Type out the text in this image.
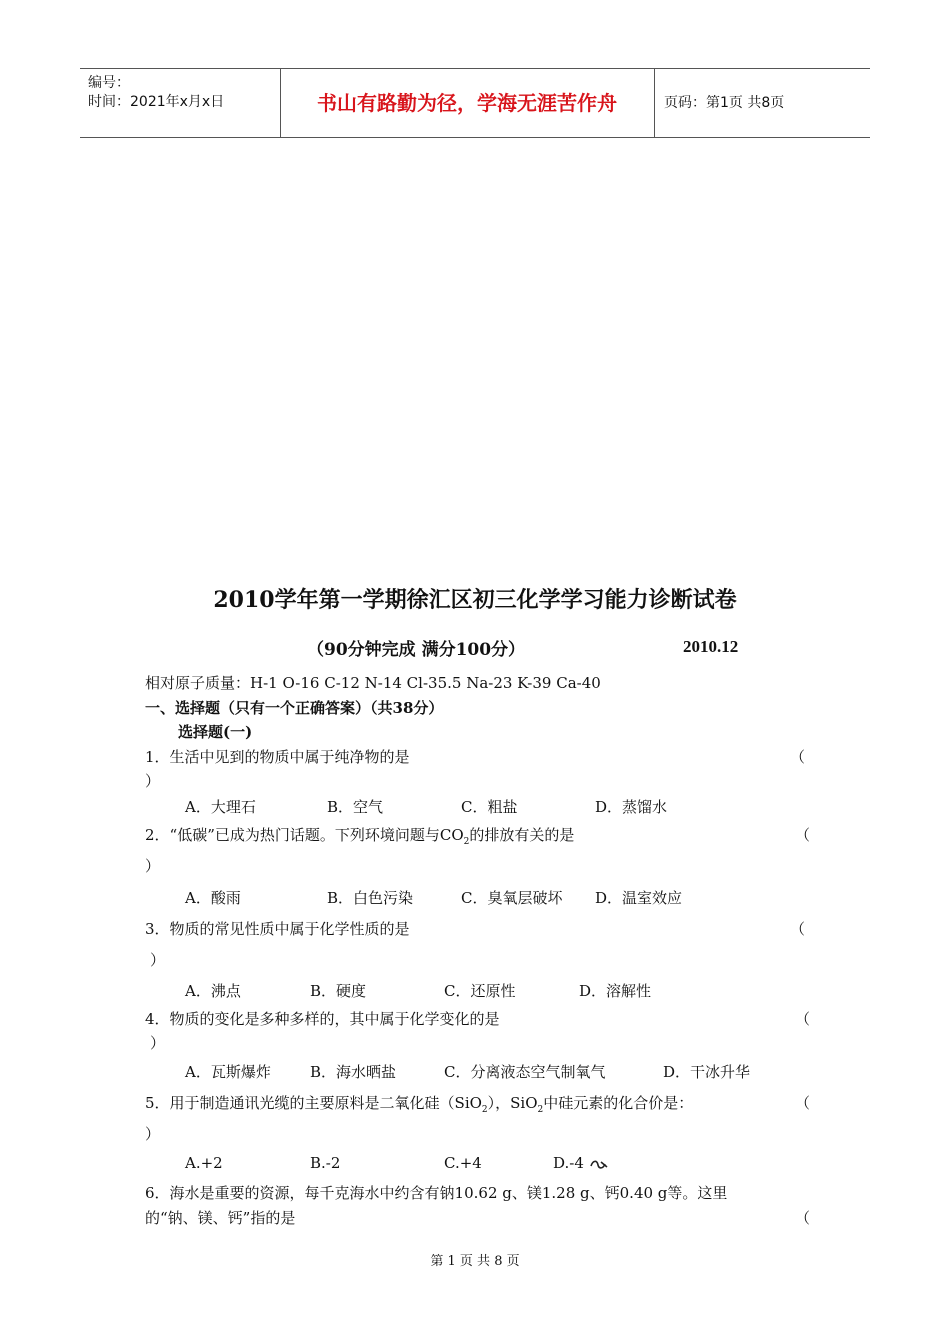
编号：
时间：2021年x月x日	书山有路勤为径，学海无涯苦作舟	页码：第1页 共8页
2010学年第一学期徐汇区初三化学学习能力诊断试卷
（90分钟完成 满分100分）	2010.12
相对原子质量：H-1 O-16 C-12 N-14 Cl-35.5 Na-23 K-39 Ca-40
一、选择题（只有一个正确答案）（共38分）
选择题(一)
1．生活中见到的物质中属于纯净物的是	（
）
A．大理石	B．空气	C．粗盐	D．蒸馏水
2．“低碳”已成为热门话题。下列环境问题与$CO_2$的排放有关的是	（
）
A．酸雨	B．白色污染	C．臭氧层破坏 D．温室效应
3．物质的常见性质中属于化学性质的是	（
）
A．沸点	B．硬度	C．还原性	D．溶解性
4．物质的变化是多种多样的，其中属于化学变化的是	（
）
A．瓦斯爆炸	B．海水晒盐	C．分离液态空气制氧气	D．干冰升华
5．用于制造通讯光缆的主要原料是二氧化硅（SiO$_2$），SiO$_2$中硅元素的化合价是：	（
）
A.+2	B.-2	C.+4	D.-4
6．海水是重要的资源，每千克海水中约含有钠10.62 g、镁1.28 g、钙0.40 g等。这里
的“钠、镁、钙”指的是	（
第 1 页 共 8 页
